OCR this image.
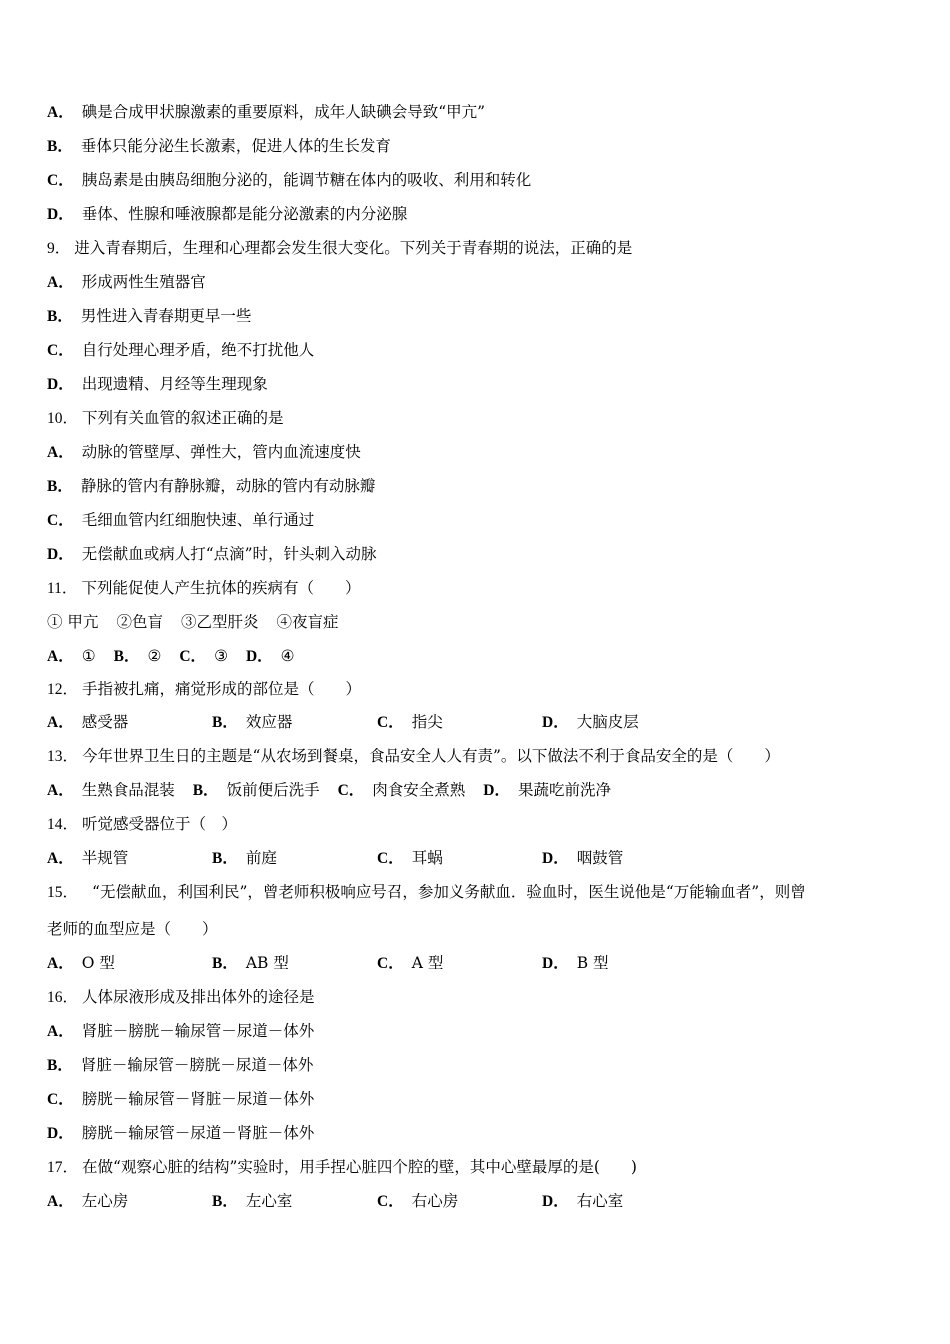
A． 碘是合成甲状腺激素的重要原料，成年人缺碘会导致“甲亢”
B． 垂体只能分泌生长激素，促进人体的生长发育
C． 胰岛素是由胰岛细胞分泌的，能调节糖在体内的吸收、利用和转化
D． 垂体、性腺和唾液腺都是能分泌激素的内分泌腺
9． 进入青春期后，生理和心理都会发生很大变化。下列关于青春期的说法，正确的是
A． 形成两性生殖器官
B． 男性进入青春期更早一些
C． 自行处理心理矛盾，绝不打扰他人
D． 出现遗精、月经等生理现象
10． 下列有关血管的叙述正确的是
A． 动脉的管壁厚、弹性大，管内血流速度快
B． 静脉的管内有静脉瓣，动脉的管内有动脉瓣
C． 毛细血管内红细胞快速、单行通过
D． 无偿献血或病人打“点滴”时，针头刺入动脉
11． 下列能促使人产生抗体的疾病有（　　）
① 甲亢 ②色盲 ③乙型肝炎 ④夜盲症
A． ① B． ② C． ③ D． ④
12． 手指被扎痛，痛觉形成的部位是（　　）
A． 感受器	B． 效应器	C． 指尖	D． 大脑皮层
13． 今年世界卫生日的主题是“从农场到餐桌，食品安全人人有责”。以下做法不利于食品安全的是（　　）
A． 生熟食品混装 B． 饭前便后洗手 C． 肉食安全煮熟 D． 果蔬吃前洗净
14． 听觉感受器位于（　）
A． 半规管	B． 前庭	C． 耳蜗	D． 咽鼓管
15． “无偿献血，利国利民”，曾老师积极响应号召，参加义务献血．验血时，医生说他是“万能输血者”，则曾
老师的血型应是（　　）
A． O 型	B． AB 型	C． A 型	D． B 型
16． 人体尿液形成及排出体外的途径是
A． 肾脏－膀胱－输尿管－尿道－体外
B． 肾脏－输尿管－膀胱－尿道－体外
C． 膀胱－输尿管－肾脏－尿道－体外
D． 膀胱－输尿管－尿道－肾脏－体外
17． 在做“观察心脏的结构”实验时，用手捏心脏四个腔的壁，其中心壁最厚的是(　　)
A． 左心房	B． 左心室	C． 右心房	D． 右心室
